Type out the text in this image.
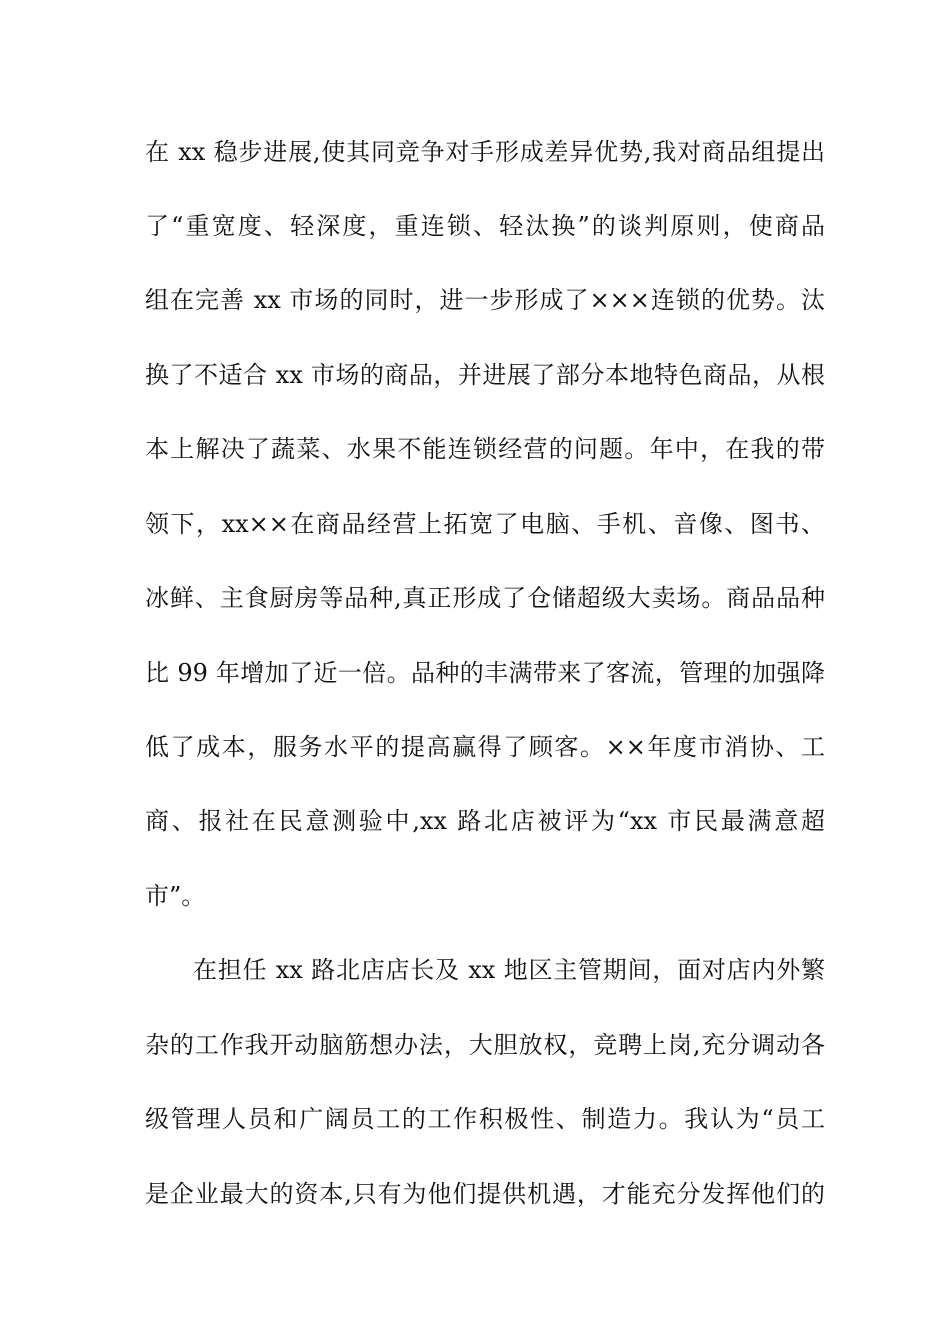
在 xx 稳步进展,使其同竞争对手形成差异优势,我对商品组提出
了“重宽度、轻深度，重连锁、轻汰换”的谈判原则，使商品
组在完善 xx 市场的同时，进一步形成了×××连锁的优势。汰
换了不适合 xx 市场的商品，并进展了部分本地特色商品，从根
本上解决了蔬菜、水果不能连锁经营的问题。年中，在我的带
领下，xx××在商品经营上拓宽了电脑、手机、音像、图书、
冰鲜、主食厨房等品种,真正形成了仓储超级大卖场。商品品种
比 99 年增加了近一倍。品种的丰满带来了客流，管理的加强降
低了成本，服务水平的提高赢得了顾客。××年度市消协、工
商、报社在民意测验中,xx 路北店被评为“xx 市民最满意超
市”。
在担任 xx 路北店店长及 xx 地区主管期间，面对店内外繁
杂的工作我开动脑筋想办法，大胆放权，竞聘上岗,充分调动各
级管理人员和广阔员工的工作积极性、制造力。我认为“员工
是企业最大的资本,只有为他们提供机遇，才能充分发挥他们的
